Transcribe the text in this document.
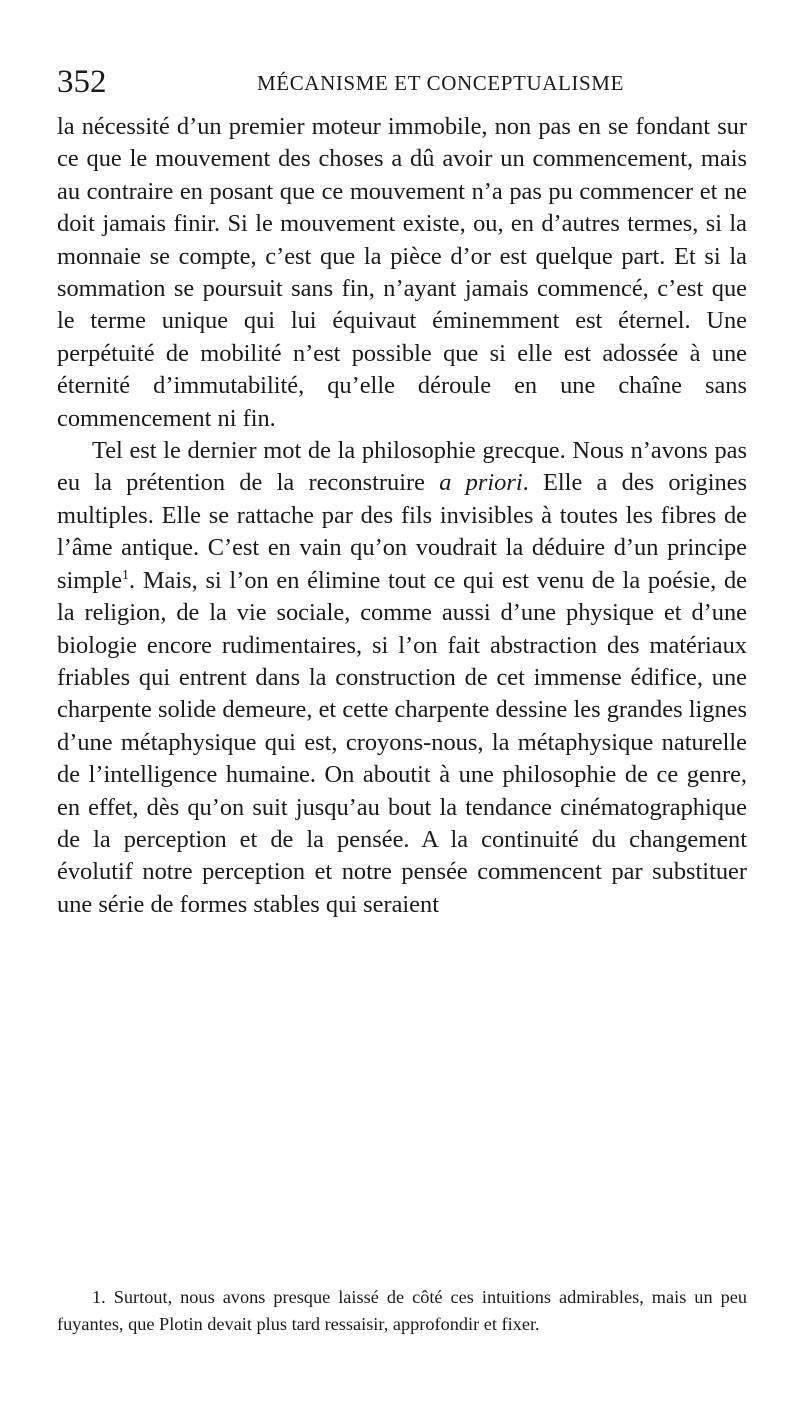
352	MÉCANISME ET CONCEPTUALISME

la nécessité d’un premier moteur immobile, non pas en se fondant sur ce que le mouvement des choses a dû avoir un commencement, mais au contraire en posant que ce mouvement n’a pas pu commencer et ne doit jamais finir. Si le mouvement existe, ou, en d’autres termes, si la monnaie se compte, c’est que la pièce d’or est quelque part. Et si la sommation se poursuit sans fin, n’ayant jamais commencé, c’est que le terme unique qui lui équivaut éminemment est éternel. Une perpétuité de mobilité n’est possible que si elle est adossée à une éternité d’immutabilité, qu’elle déroule en une chaîne sans commencement ni fin.

Tel est le dernier mot de la philosophie grecque. Nous n’avons pas eu la prétention de la reconstruire a priori. Elle a des origines multiples. Elle se rattache par des fils invisibles à toutes les fibres de l’âme antique. C’est en vain qu’on voudrait la déduire d’un principe simple$^1$. Mais, si l’on en élimine tout ce qui est venu de la poésie, de la religion, de la vie sociale, comme aussi d’une physique et d’une biologie encore rudimentaires, si l’on fait abstraction des matériaux friables qui entrent dans la construction de cet immense édifice, une charpente solide demeure, et cette charpente dessine les grandes lignes d’une métaphysique qui est, croyons-nous, la métaphysique naturelle de l’intelligence humaine. On aboutit à une philosophie de ce genre, en effet, dès qu’on suit jusqu’au bout la tendance cinématographique de la perception et de la pensée. A la continuité du changement évolutif notre perception et notre pensée commencent par substituer une série de formes stables qui seraient

1. Surtout, nous avons presque laissé de côté ces intuitions admirables, mais un peu fuyantes, que Plotin devait plus tard ressaisir, approfondir et fixer.
